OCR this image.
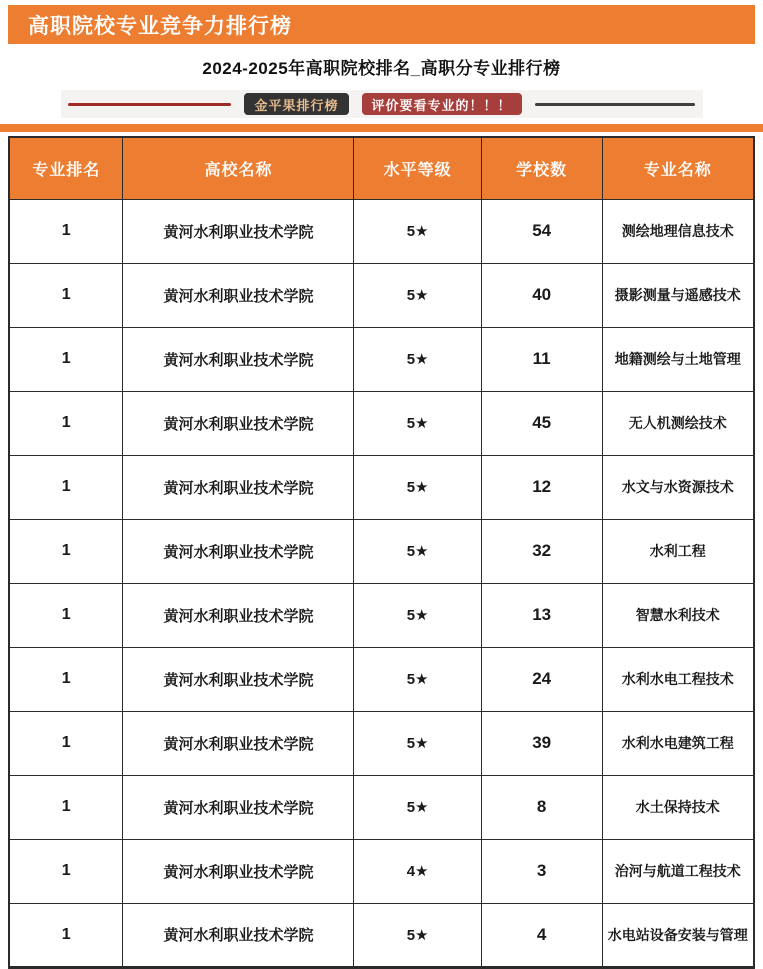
高职院校专业竞争力排行榜
2024-2025年高职院校排名_高职分专业排行榜
金平果排行榜	评价要看专业的！！！
专业排名	高校名称	水平等级	学校数	专业名称
1	黄河水利职业技术学院	5★	54	测绘地理信息技术
1	黄河水利职业技术学院	5★	40	摄影测量与遥感技术
1	黄河水利职业技术学院	5★	11	地籍测绘与土地管理
1	黄河水利职业技术学院	5★	45	无人机测绘技术
1	黄河水利职业技术学院	5★	12	水文与水资源技术
1	黄河水利职业技术学院	5★	32	水利工程
1	黄河水利职业技术学院	5★	13	智慧水利技术
1	黄河水利职业技术学院	5★	24	水利水电工程技术
1	黄河水利职业技术学院	5★	39	水利水电建筑工程
1	黄河水利职业技术学院	5★	8	水土保持技术
1	黄河水利职业技术学院	4★	3	治河与航道工程技术
1	黄河水利职业技术学院	5★	4	水电站设备安装与管理
